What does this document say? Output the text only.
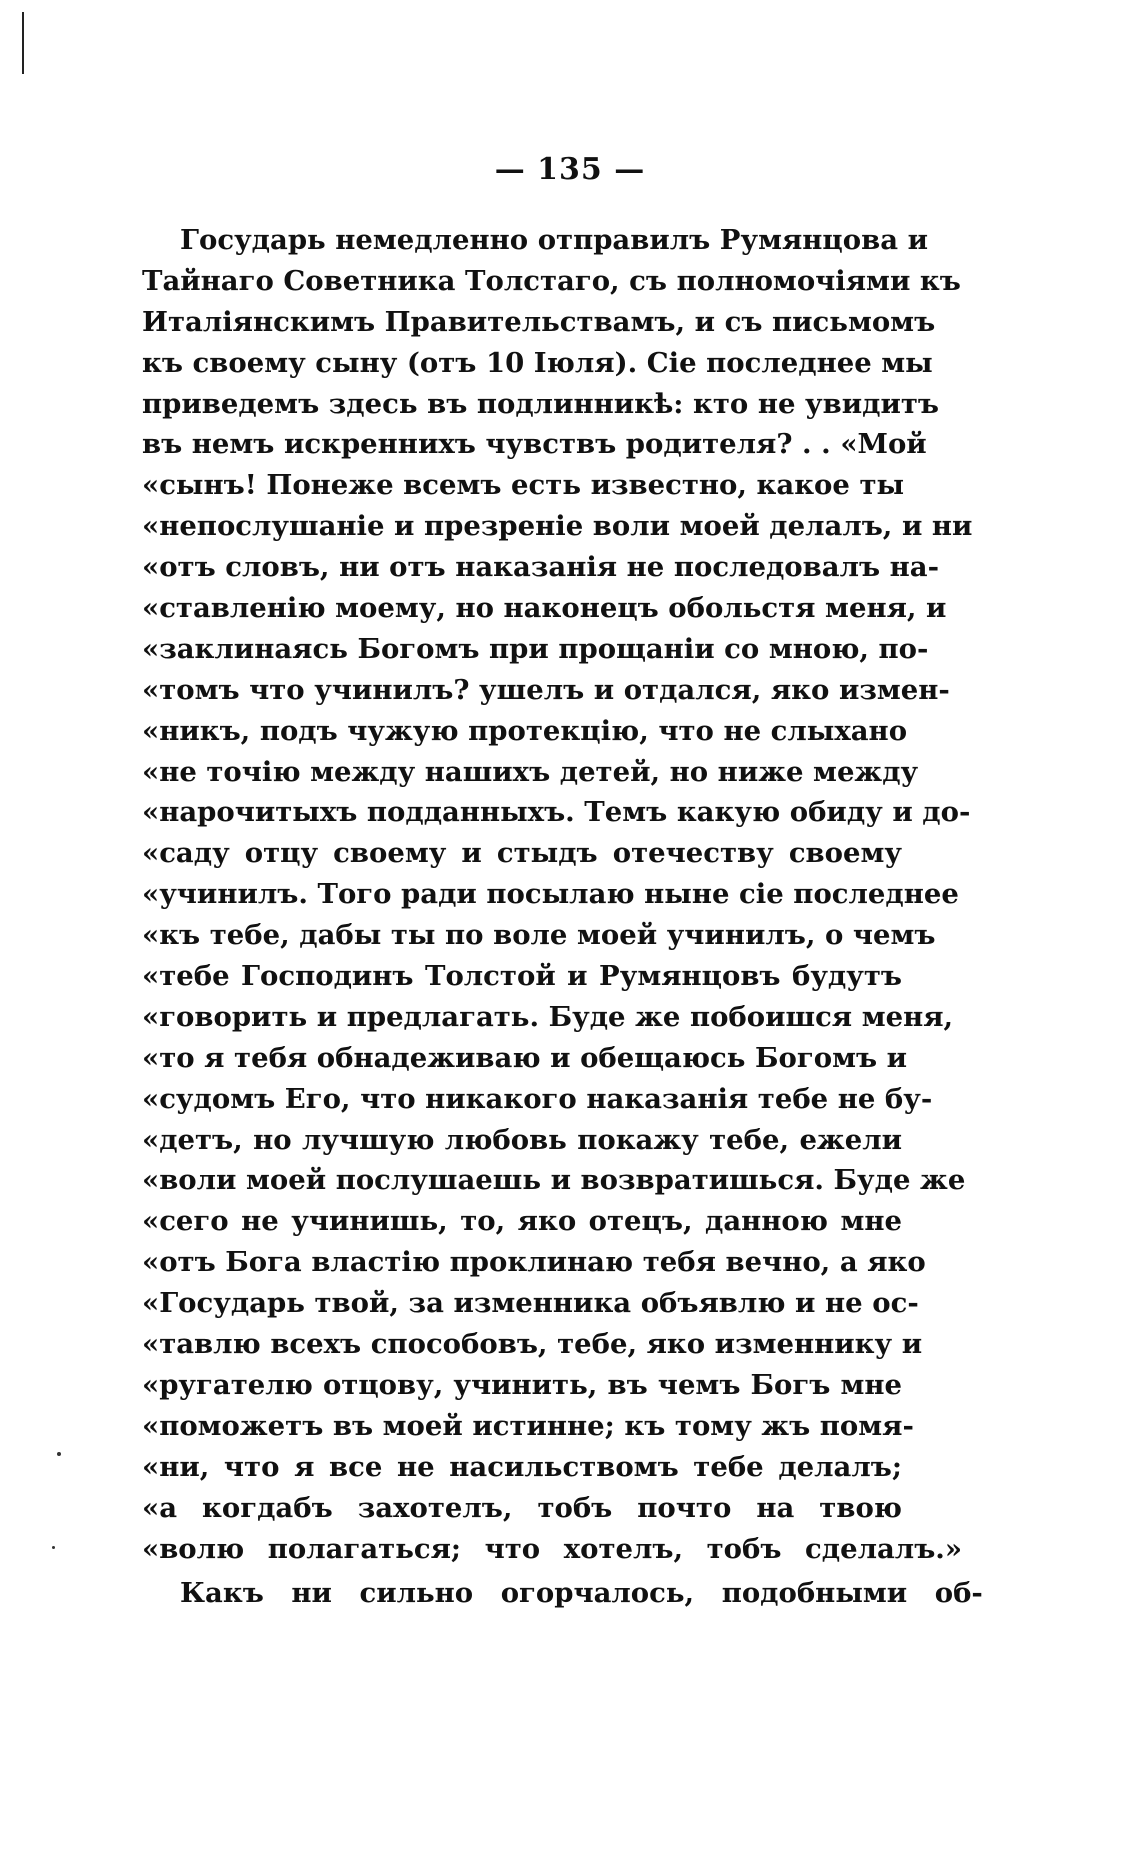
— 135 —
Государь немедленно отправилъ Румянцова и
Тайнаго Советника Толстаго, съ полномочіями къ
Италіянскимъ Правительствамъ, и съ письмомъ
къ своему сыну (отъ 10 Іюля). Сіе последнее мы
приведемъ здесь въ подлинникѣ: кто не увидитъ
въ немъ искреннихъ чувствъ родителя? . . «Мой
«сынъ! Понеже всемъ есть известно, какое ты
«непослушаніе и презреніе воли моей делалъ, и ни
«отъ словъ, ни отъ наказанія не последовалъ на-
«ставленію моему, но наконецъ обольстя меня, и
«заклинаясь Богомъ при прощаніи со мною, по-
«томъ что учинилъ? ушелъ и отдался, яко измен-
«никъ, подъ чужую протекцію, что не слыхано
«не точію между нашихъ детей, но ниже между
«нарочитыхъ подданныхъ. Темъ какую обиду и до-
«саду отцу своему и стыдъ отечеству своему
«учинилъ. Того ради посылаю ныне сіе последнее
«къ тебе, дабы ты по воле моей учинилъ, о чемъ
«тебе Господинъ Толстой и Румянцовъ будутъ
«говорить и предлагать. Буде же побоишся меня,
«то я тебя обнадеживаю и обещаюсь Богомъ и
«судомъ Его, что никакого наказанія тебе не бу-
«детъ, но лучшую любовь покажу тебе, ежели
«воли моей послушаешь и возвратишься. Буде же
«сего не учинишь, то, яко отецъ, данною мне
«отъ Бога властію проклинаю тебя вечно, а яко
«Государь твой, за изменника объявлю и не ос-
«тавлю всехъ способовъ, тебе, яко изменнику и
«ругателю отцову, учинить, въ чемъ Богъ мне
«поможетъ въ моей истинне; къ тому жъ помя-
«ни, что я все не насильствомъ тебе делалъ;
«а когдабъ захотелъ, тобъ почто на твою
«волю полагаться; что хотелъ, тобъ сделалъ.»
Какъ ни сильно огорчалось, подобными об-
